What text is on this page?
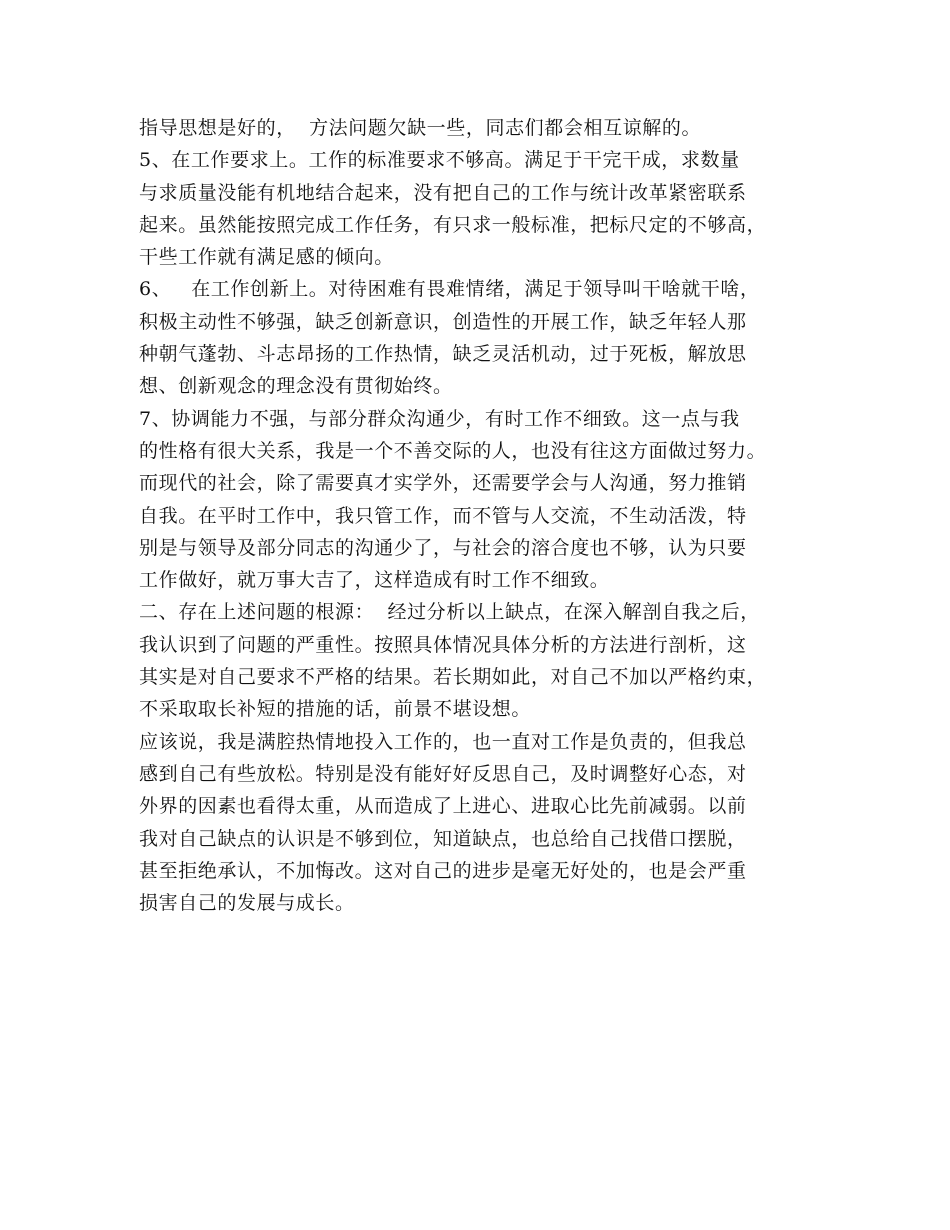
指导思想是好的，  方法问题欠缺一些，同志们都会相互谅解的。
5、在工作要求上。工作的标准要求不够高。满足于干完干成，求数量
与求质量没能有机地结合起来，没有把自己的工作与统计改革紧密联系
起来。虽然能按照完成工作任务，有只求一般标准，把标尺定的不够高，
干些工作就有满足感的倾向。
6、   在工作创新上。对待困难有畏难情绪，满足于领导叫干啥就干啥，
积极主动性不够强，缺乏创新意识，创造性的开展工作，缺乏年轻人那
种朝气蓬勃、斗志昂扬的工作热情，缺乏灵活机动，过于死板，解放思
想、创新观念的理念没有贯彻始终。
7、协调能力不强，与部分群众沟通少，有时工作不细致。这一点与我
的性格有很大关系，我是一个不善交际的人，也没有往这方面做过努力。
而现代的社会，除了需要真才实学外，还需要学会与人沟通，努力推销
自我。在平时工作中，我只管工作，而不管与人交流，不生动活泼，特
别是与领导及部分同志的沟通少了，与社会的溶合度也不够，认为只要
工作做好，就万事大吉了，这样造成有时工作不细致。
二、存在上述问题的根源：  经过分析以上缺点，在深入解剖自我之后，
我认识到了问题的严重性。按照具体情况具体分析的方法进行剖析，这
其实是对自己要求不严格的结果。若长期如此，对自己不加以严格约束，
不采取取长补短的措施的话，前景不堪设想。
应该说，我是满腔热情地投入工作的，也一直对工作是负责的，但我总
感到自己有些放松。特别是没有能好好反思自己，及时调整好心态，对
外界的因素也看得太重，从而造成了上进心、进取心比先前减弱。以前
我对自己缺点的认识是不够到位，知道缺点，也总给自己找借口摆脱，
甚至拒绝承认，不加悔改。这对自己的进步是毫无好处的，也是会严重
损害自己的发展与成长。
